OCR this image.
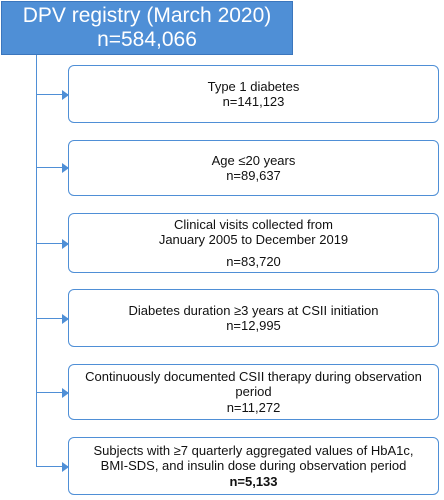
DPV registry (March 2020)
n=584,066
Type 1 diabetes
n=141,123
Age ≤20 years
n=89,637
Clinical visits collected from
January 2005 to December 2019
n=83,720
Diabetes duration ≥3 years at CSII initiation
n=12,995
Continuously documented CSII therapy during observation
period
n=11,272
Subjects with ≥7 quarterly aggregated values of HbA1c,
BMI-SDS, and insulin dose during observation period
n=5,133
